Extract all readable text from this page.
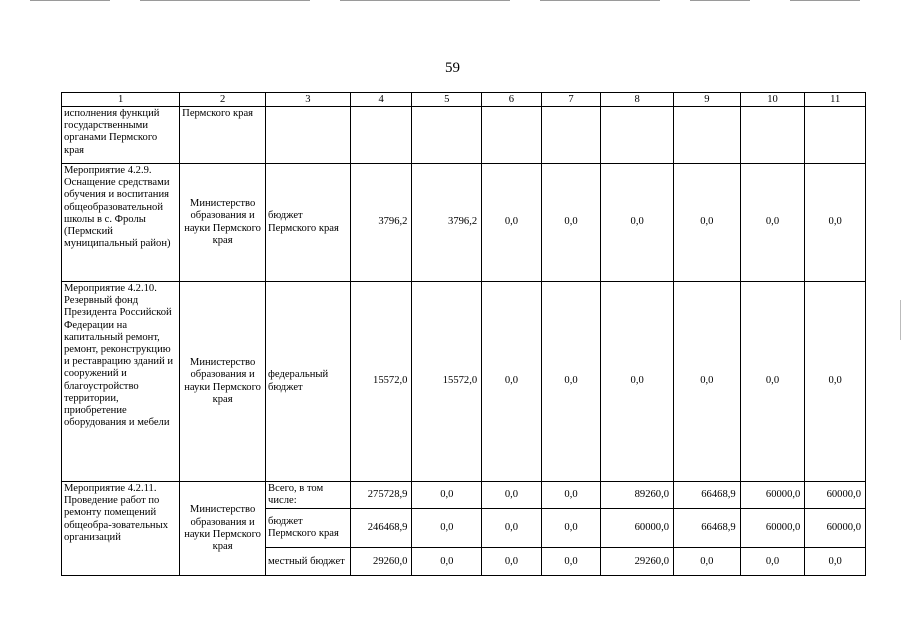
59
1	2	3	4	5	6	7	8	9	10	11
исполнения функций государственными органами Пермского края	Пермского края									
Мероприятие 4.2.9. Оснащение средствами обучения и воспитания общеобразовательной школы в с. Фролы (Пермский муниципальный район)	Министерство образования и науки Пермского края	бюджет Пермского края	3796,2	3796,2	0,0	0,0	0,0	0,0	0,0	0,0
Мероприятие 4.2.10. Резервный фонд Президента Российской Федерации на капитальный ремонт, ремонт, реконструкцию и реставрацию зданий и сооружений и благоустройство территории, приобретение оборудования и мебели	Министерство образования и науки Пермского края	федеральный бюджет	15572,0	15572,0	0,0	0,0	0,0	0,0	0,0	0,0
Мероприятие 4.2.11. Проведение работ по ремонту помещений общеобра-зовательных организаций	Министерство образования и науки Пермского края	Всего, в том числе:	275728,9	0,0	0,0	0,0	89260,0	66468,9	60000,0	60000,0
		бюджет Пермского края	246468,9	0,0	0,0	0,0	60000,0	66468,9	60000,0	60000,0
		местный бюджет	29260,0	0,0	0,0	0,0	29260,0	0,0	0,0	0,0
